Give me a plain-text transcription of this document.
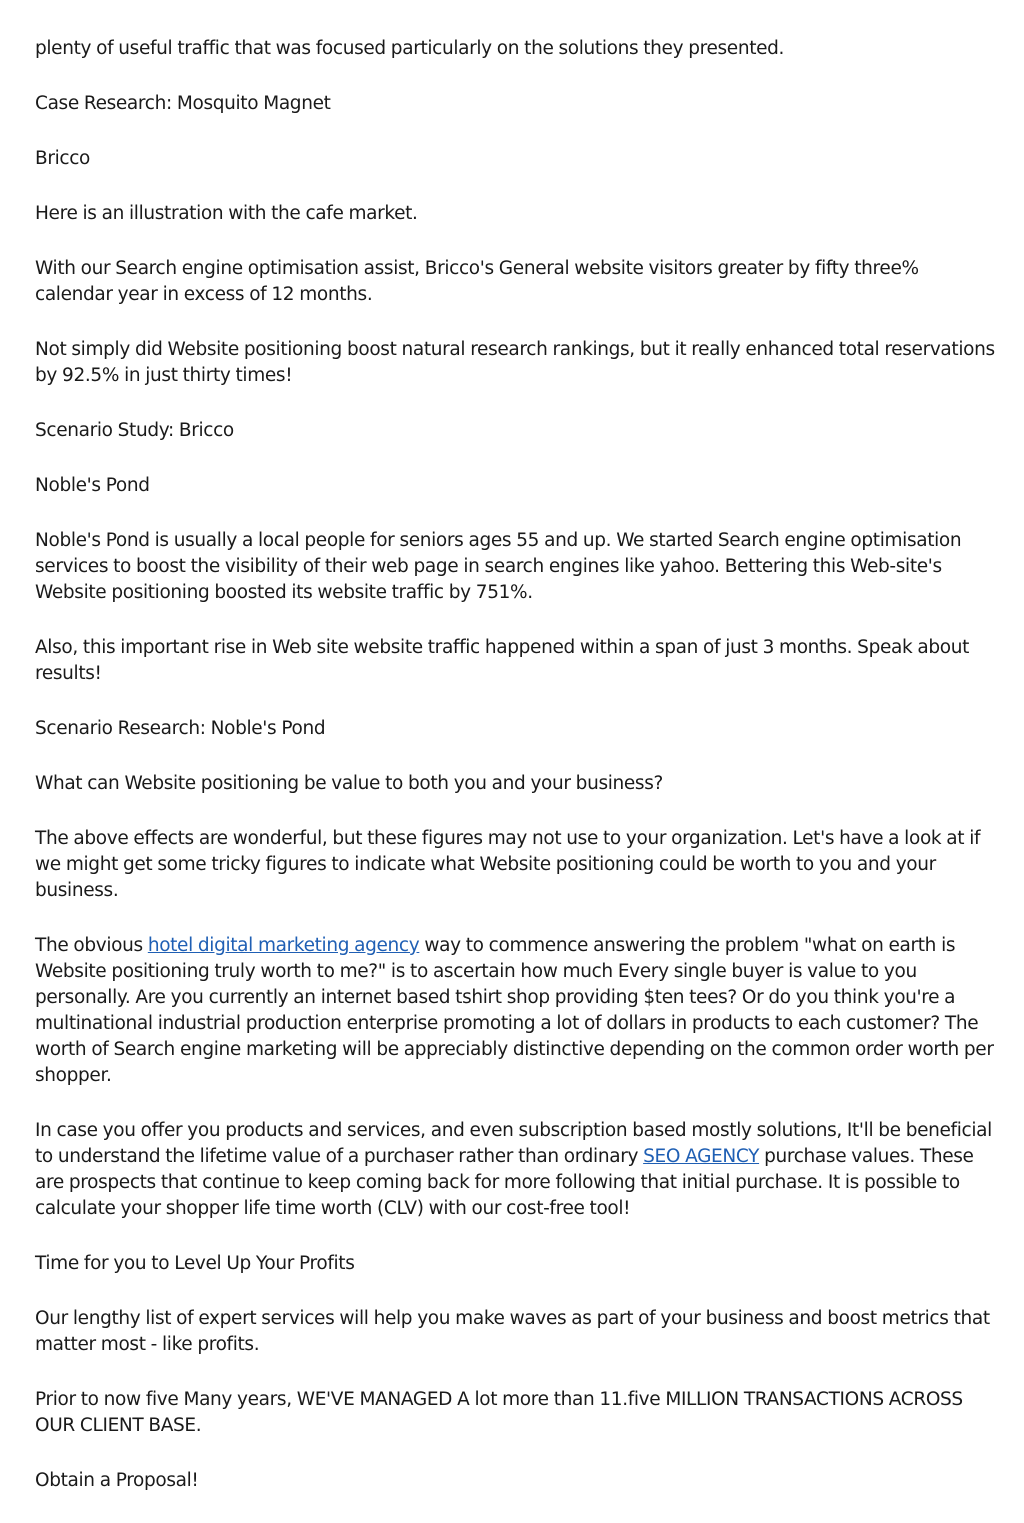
plenty of useful traffic that was focused particularly on the solutions they presented.

Case Research: Mosquito Magnet

Bricco

Here is an illustration with the cafe market.

With our Search engine optimisation assist, Bricco's General website visitors greater by fifty three% calendar year in excess of 12 months.

Not simply did Website positioning boost natural research rankings, but it really enhanced total reservations by 92.5% in just thirty times!

Scenario Study: Bricco

Noble's Pond

Noble's Pond is usually a local people for seniors ages 55 and up. We started Search engine optimisation services to boost the visibility of their web page in search engines like yahoo. Bettering this Web-site's Website positioning boosted its website traffic by 751%.

Also, this important rise in Web site website traffic happened within a span of just 3 months. Speak about results!

Scenario Research: Noble's Pond

What can Website positioning be value to both you and your business?

The above effects are wonderful, but these figures may not use to your organization. Let's have a look at if we might get some tricky figures to indicate what Website positioning could be worth to you and your business.

The obvious hotel digital marketing agency way to commence answering the problem "what on earth is Website positioning truly worth to me?" is to ascertain how much Every single buyer is value to you personally. Are you currently an internet based tshirt shop providing $ten tees? Or do you think you're a multinational industrial production enterprise promoting a lot of dollars in products to each customer? The worth of Search engine marketing will be appreciably distinctive depending on the common order worth per shopper.

In case you offer you products and services, and even subscription based mostly solutions, It'll be beneficial to understand the lifetime value of a purchaser rather than ordinary SEO AGENCY purchase values. These are prospects that continue to keep coming back for more following that initial purchase. It is possible to calculate your shopper life time worth (CLV) with our cost-free tool!

Time for you to Level Up Your Profits

Our lengthy list of expert services will help you make waves as part of your business and boost metrics that matter most - like profits.

Prior to now five Many years, WE'VE MANAGED A lot more than 11.five MILLION TRANSACTIONS ACROSS OUR CLIENT BASE.

Obtain a Proposal!
